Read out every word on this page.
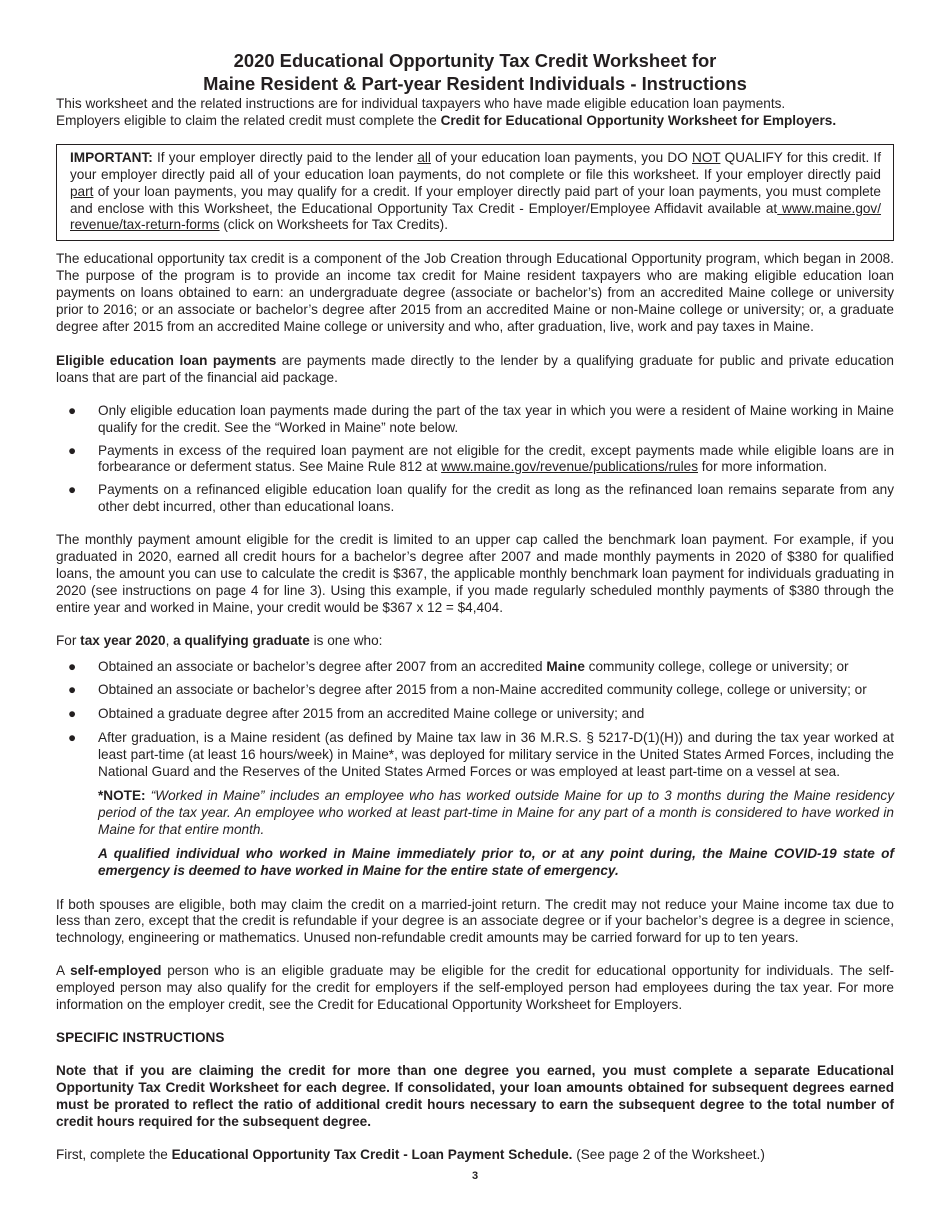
2020 Educational Opportunity Tax Credit Worksheet for
Maine Resident & Part-year Resident Individuals - Instructions
This worksheet and the related instructions are for individual taxpayers who have made eligible education loan payments.
Employers eligible to claim the related credit must complete the Credit for Educational Opportunity Worksheet for Employers.

IMPORTANT: If your employer directly paid to the lender all of your education loan payments, you DO NOT QUALIFY for this credit. If your employer directly paid all of your education loan payments, do not complete or file this worksheet. If your employer directly paid part of your loan payments, you may qualify for a credit. If your employer directly paid part of your loan payments, you must complete and enclose with this Worksheet, the Educational Opportunity Tax Credit - Employer/Employee Affidavit available at www.maine.gov/ revenue/tax-return-forms (click on Worksheets for Tax Credits).

The educational opportunity tax credit is a component of the Job Creation through Educational Opportunity program, which began in 2008. The purpose of the program is to provide an income tax credit for Maine resident taxpayers who are making eligible education loan payments on loans obtained to earn: an undergraduate degree (associate or bachelor’s) from an accredited Maine college or university prior to 2016; or an associate or bachelor’s degree after 2015 from an accredited Maine or non-Maine college or university; or, a graduate degree after 2015 from an accredited Maine college or university and who, after graduation, live, work and pay taxes in Maine.

Eligible education loan payments are payments made directly to the lender by a qualifying graduate for public and private education loans that are part of the financial aid package.

● Only eligible education loan payments made during the part of the tax year in which you were a resident of Maine working in Maine qualify for the credit. See the “Worked in Maine” note below.
● Payments in excess of the required loan payment are not eligible for the credit, except payments made while eligible loans are in forbearance or deferment status. See Maine Rule 812 at www.maine.gov/revenue/publications/rules for more information.
● Payments on a refinanced eligible education loan qualify for the credit as long as the refinanced loan remains separate from any other debt incurred, other than educational loans.

The monthly payment amount eligible for the credit is limited to an upper cap called the benchmark loan payment. For example, if you graduated in 2020, earned all credit hours for a bachelor’s degree after 2007 and made monthly payments in 2020 of $380 for qualified loans, the amount you can use to calculate the credit is $367, the applicable monthly benchmark loan payment for individuals graduating in 2020 (see instructions on page 4 for line 3). Using this example, if you made regularly scheduled monthly payments of $380 through the entire year and worked in Maine, your credit would be $367 x 12 = $4,404.

For tax year 2020, a qualifying graduate is one who:

● Obtained an associate or bachelor’s degree after 2007 from an accredited Maine community college, college or university; or
● Obtained an associate or bachelor’s degree after 2015 from a non-Maine accredited community college, college or university; or
● Obtained a graduate degree after 2015 from an accredited Maine college or university; and
● After graduation, is a Maine resident (as defined by Maine tax law in 36 M.R.S. § 5217-D(1)(H)) and during the tax year worked at least part-time (at least 16 hours/week) in Maine*, was deployed for military service in the United States Armed Forces, including the National Guard and the Reserves of the United States Armed Forces or was employed at least part-time on a vessel at sea.

*NOTE: “Worked in Maine” includes an employee who has worked outside Maine for up to 3 months during the Maine residency period of the tax year. An employee who worked at least part-time in Maine for any part of a month is considered to have worked in Maine for that entire month.

A qualified individual who worked in Maine immediately prior to, or at any point during, the Maine COVID-19 state of emergency is deemed to have worked in Maine for the entire state of emergency.

If both spouses are eligible, both may claim the credit on a married-joint return. The credit may not reduce your Maine income tax due to less than zero, except that the credit is refundable if your degree is an associate degree or if your bachelor’s degree is a degree in science, technology, engineering or mathematics. Unused non-refundable credit amounts may be carried forward for up to ten years.

A self-employed person who is an eligible graduate may be eligible for the credit for educational opportunity for individuals. The self-employed person may also qualify for the credit for employers if the self-employed person had employees during the tax year. For more information on the employer credit, see the Credit for Educational Opportunity Worksheet for Employers.

SPECIFIC INSTRUCTIONS

Note that if you are claiming the credit for more than one degree you earned, you must complete a separate Educational Opportunity Tax Credit Worksheet for each degree. If consolidated, your loan amounts obtained for subsequent degrees earned must be prorated to reflect the ratio of additional credit hours necessary to earn the subsequent degree to the total number of credit hours required for the subsequent degree.

First, complete the Educational Opportunity Tax Credit - Loan Payment Schedule. (See page 2 of the Worksheet.)

3
